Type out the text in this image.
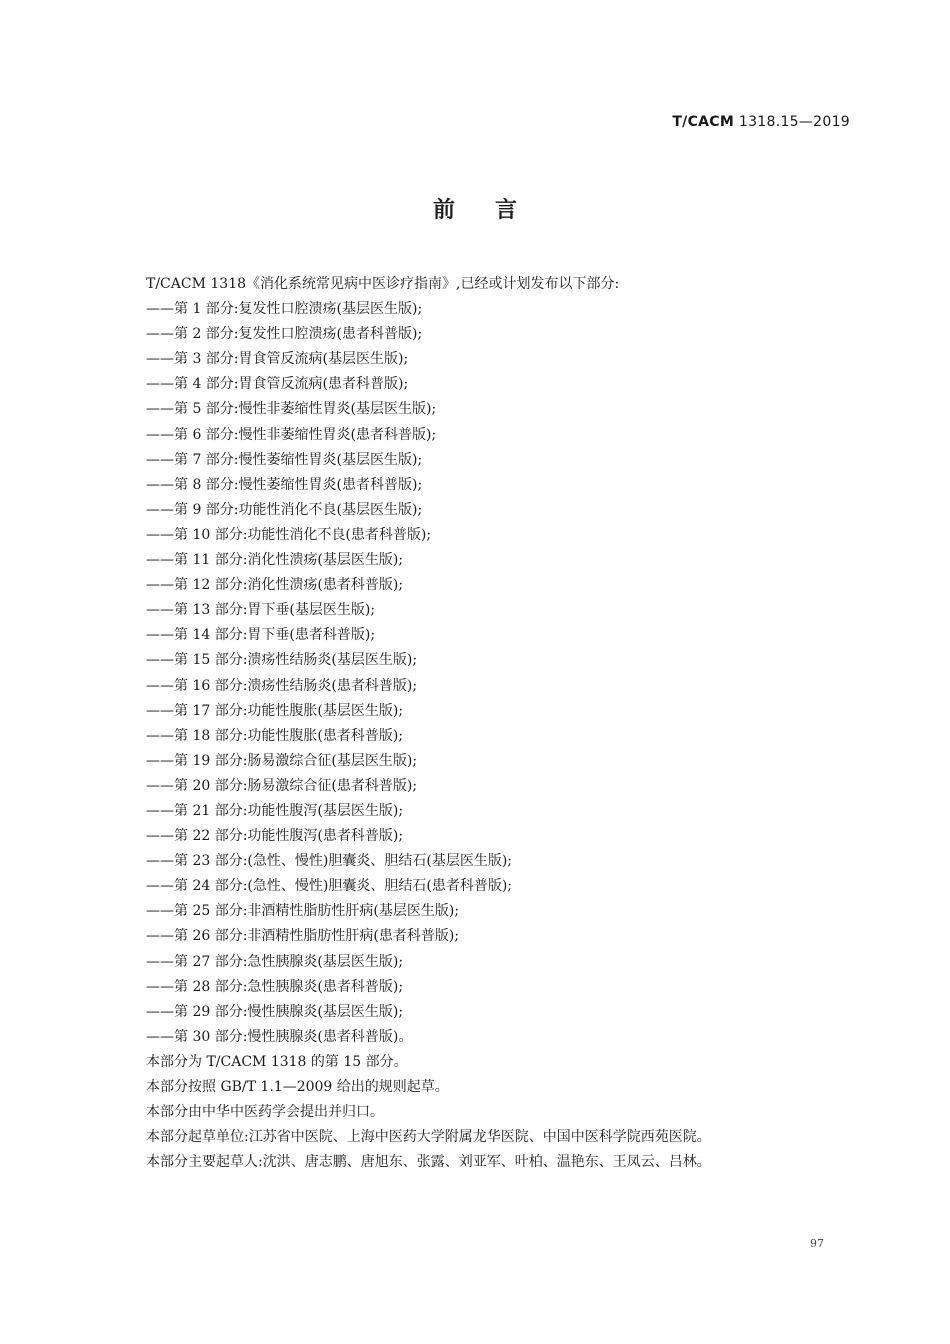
T/CACM 1318.15—2019
前言
T/CACM 1318《消化系统常见病中医诊疗指南》,已经或计划发布以下部分:
——第 1 部分:复发性口腔溃疡(基层医生版);
——第 2 部分:复发性口腔溃疡(患者科普版);
——第 3 部分:胃食管反流病(基层医生版);
——第 4 部分:胃食管反流病(患者科普版);
——第 5 部分:慢性非萎缩性胃炎(基层医生版);
——第 6 部分:慢性非萎缩性胃炎(患者科普版);
——第 7 部分:慢性萎缩性胃炎(基层医生版);
——第 8 部分:慢性萎缩性胃炎(患者科普版);
——第 9 部分:功能性消化不良(基层医生版);
——第 10 部分:功能性消化不良(患者科普版);
——第 11 部分:消化性溃疡(基层医生版);
——第 12 部分:消化性溃疡(患者科普版);
——第 13 部分:胃下垂(基层医生版);
——第 14 部分:胃下垂(患者科普版);
——第 15 部分:溃疡性结肠炎(基层医生版);
——第 16 部分:溃疡性结肠炎(患者科普版);
——第 17 部分:功能性腹胀(基层医生版);
——第 18 部分:功能性腹胀(患者科普版);
——第 19 部分:肠易激综合征(基层医生版);
——第 20 部分:肠易激综合征(患者科普版);
——第 21 部分:功能性腹泻(基层医生版);
——第 22 部分:功能性腹泻(患者科普版);
——第 23 部分:(急性、慢性)胆囊炎、胆结石(基层医生版);
——第 24 部分:(急性、慢性)胆囊炎、胆结石(患者科普版);
——第 25 部分:非酒精性脂肪性肝病(基层医生版);
——第 26 部分:非酒精性脂肪性肝病(患者科普版);
——第 27 部分:急性胰腺炎(基层医生版);
——第 28 部分:急性胰腺炎(患者科普版);
——第 29 部分:慢性胰腺炎(基层医生版);
——第 30 部分:慢性胰腺炎(患者科普版)。
本部分为 T/CACM 1318 的第 15 部分。
本部分按照 GB/T 1.1—2009 给出的规则起草。
本部分由中华中医药学会提出并归口。
本部分起草单位:江苏省中医院、上海中医药大学附属龙华医院、中国中医科学院西苑医院。
本部分主要起草人:沈洪、唐志鹏、唐旭东、张露、刘亚军、叶柏、温艳东、王凤云、吕林。
97
